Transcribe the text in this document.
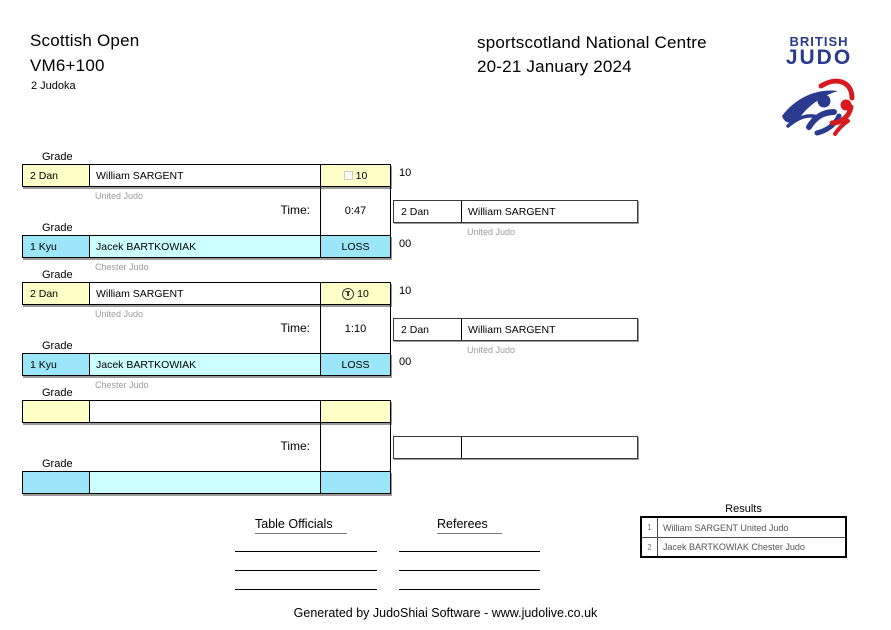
Scottish Open
VM6+100
2 Judoka
sportscotland National Centre
20-21 January 2024
BRITISH
JUDO
Grade
2 Dan	William SARGENT	10	10
United Judo
Time:	0:47	2 Dan	William SARGENT
United Judo
Grade
1 Kyu	Jacek BARTKOWIAK	LOSS	00
Chester Judo
Grade
2 Dan	William SARGENT	10	10
United Judo
Time:	1:10	2 Dan	William SARGENT
United Judo
Grade
1 Kyu	Jacek BARTKOWIAK	LOSS	00
Chester Judo
Grade
Time:
Grade
Table Officials	Referees
Results
1	William SARGENT United Judo
2	Jacek BARTKOWIAK Chester Judo
Generated by JudoShiai Software - www.judolive.co.uk
